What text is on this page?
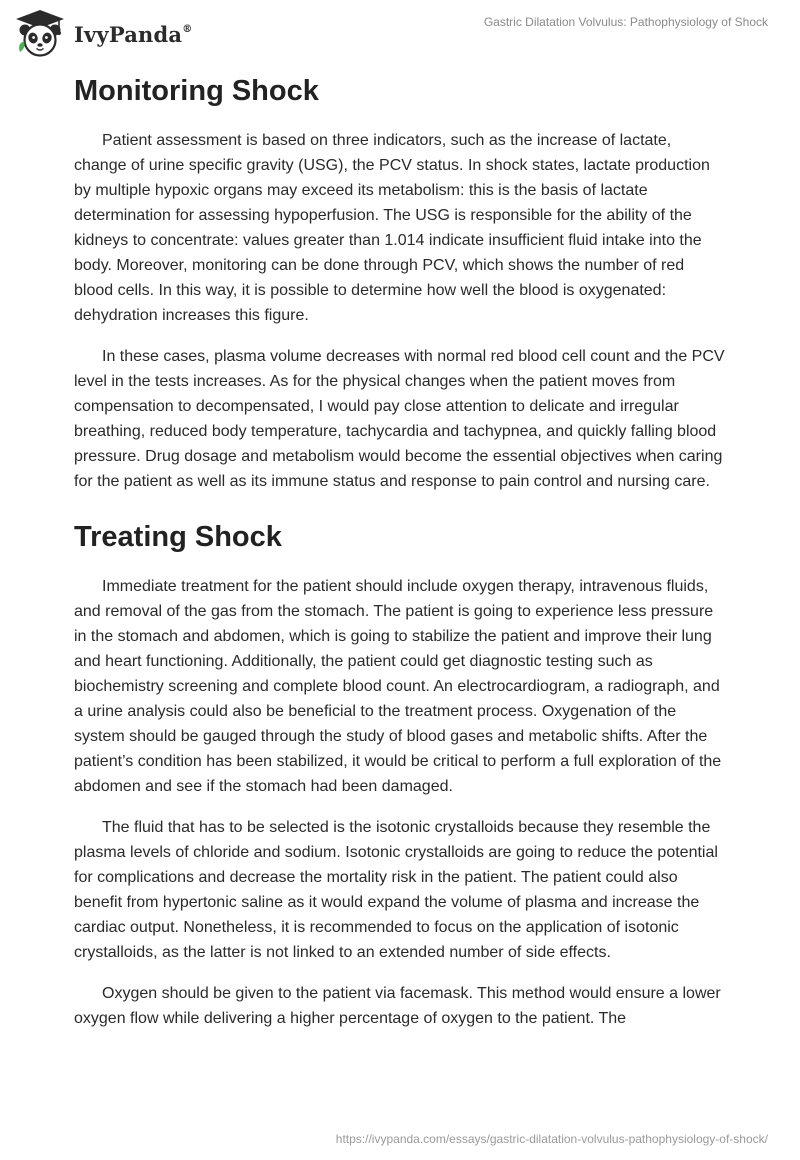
IvyPanda®	Gastric Dilatation Volvulus: Pathophysiology of Shock
Monitoring Shock

Patient assessment is based on three indicators, such as the increase of lactate, change of urine specific gravity (USG), the PCV status. In shock states, lactate production by multiple hypoxic organs may exceed its metabolism: this is the basis of lactate determination for assessing hypoperfusion. The USG is responsible for the ability of the kidneys to concentrate: values greater than 1.014 indicate insufficient fluid intake into the body. Moreover, monitoring can be done through PCV, which shows the number of red blood cells. In this way, it is possible to determine how well the blood is oxygenated: dehydration increases this figure.

In these cases, plasma volume decreases with normal red blood cell count and the PCV level in the tests increases. As for the physical changes when the patient moves from compensation to decompensated, I would pay close attention to delicate and irregular breathing, reduced body temperature, tachycardia and tachypnea, and quickly falling blood pressure. Drug dosage and metabolism would become the essential objectives when caring for the patient as well as its immune status and response to pain control and nursing care.

Treating Shock

Immediate treatment for the patient should include oxygen therapy, intravenous fluids, and removal of the gas from the stomach. The patient is going to experience less pressure in the stomach and abdomen, which is going to stabilize the patient and improve their lung and heart functioning. Additionally, the patient could get diagnostic testing such as biochemistry screening and complete blood count. An electrocardiogram, a radiograph, and a urine analysis could also be beneficial to the treatment process. Oxygenation of the system should be gauged through the study of blood gases and metabolic shifts. After the patient’s condition has been stabilized, it would be critical to perform a full exploration of the abdomen and see if the stomach had been damaged.

The fluid that has to be selected is the isotonic crystalloids because they resemble the plasma levels of chloride and sodium. Isotonic crystalloids are going to reduce the potential for complications and decrease the mortality risk in the patient. The patient could also benefit from hypertonic saline as it would expand the volume of plasma and increase the cardiac output. Nonetheless, it is recommended to focus on the application of isotonic crystalloids, as the latter is not linked to an extended number of side effects.

Oxygen should be given to the patient via facemask. This method would ensure a lower oxygen flow while delivering a higher percentage of oxygen to the patient. The

https://ivypanda.com/essays/gastric-dilatation-volvulus-pathophysiology-of-shock/
